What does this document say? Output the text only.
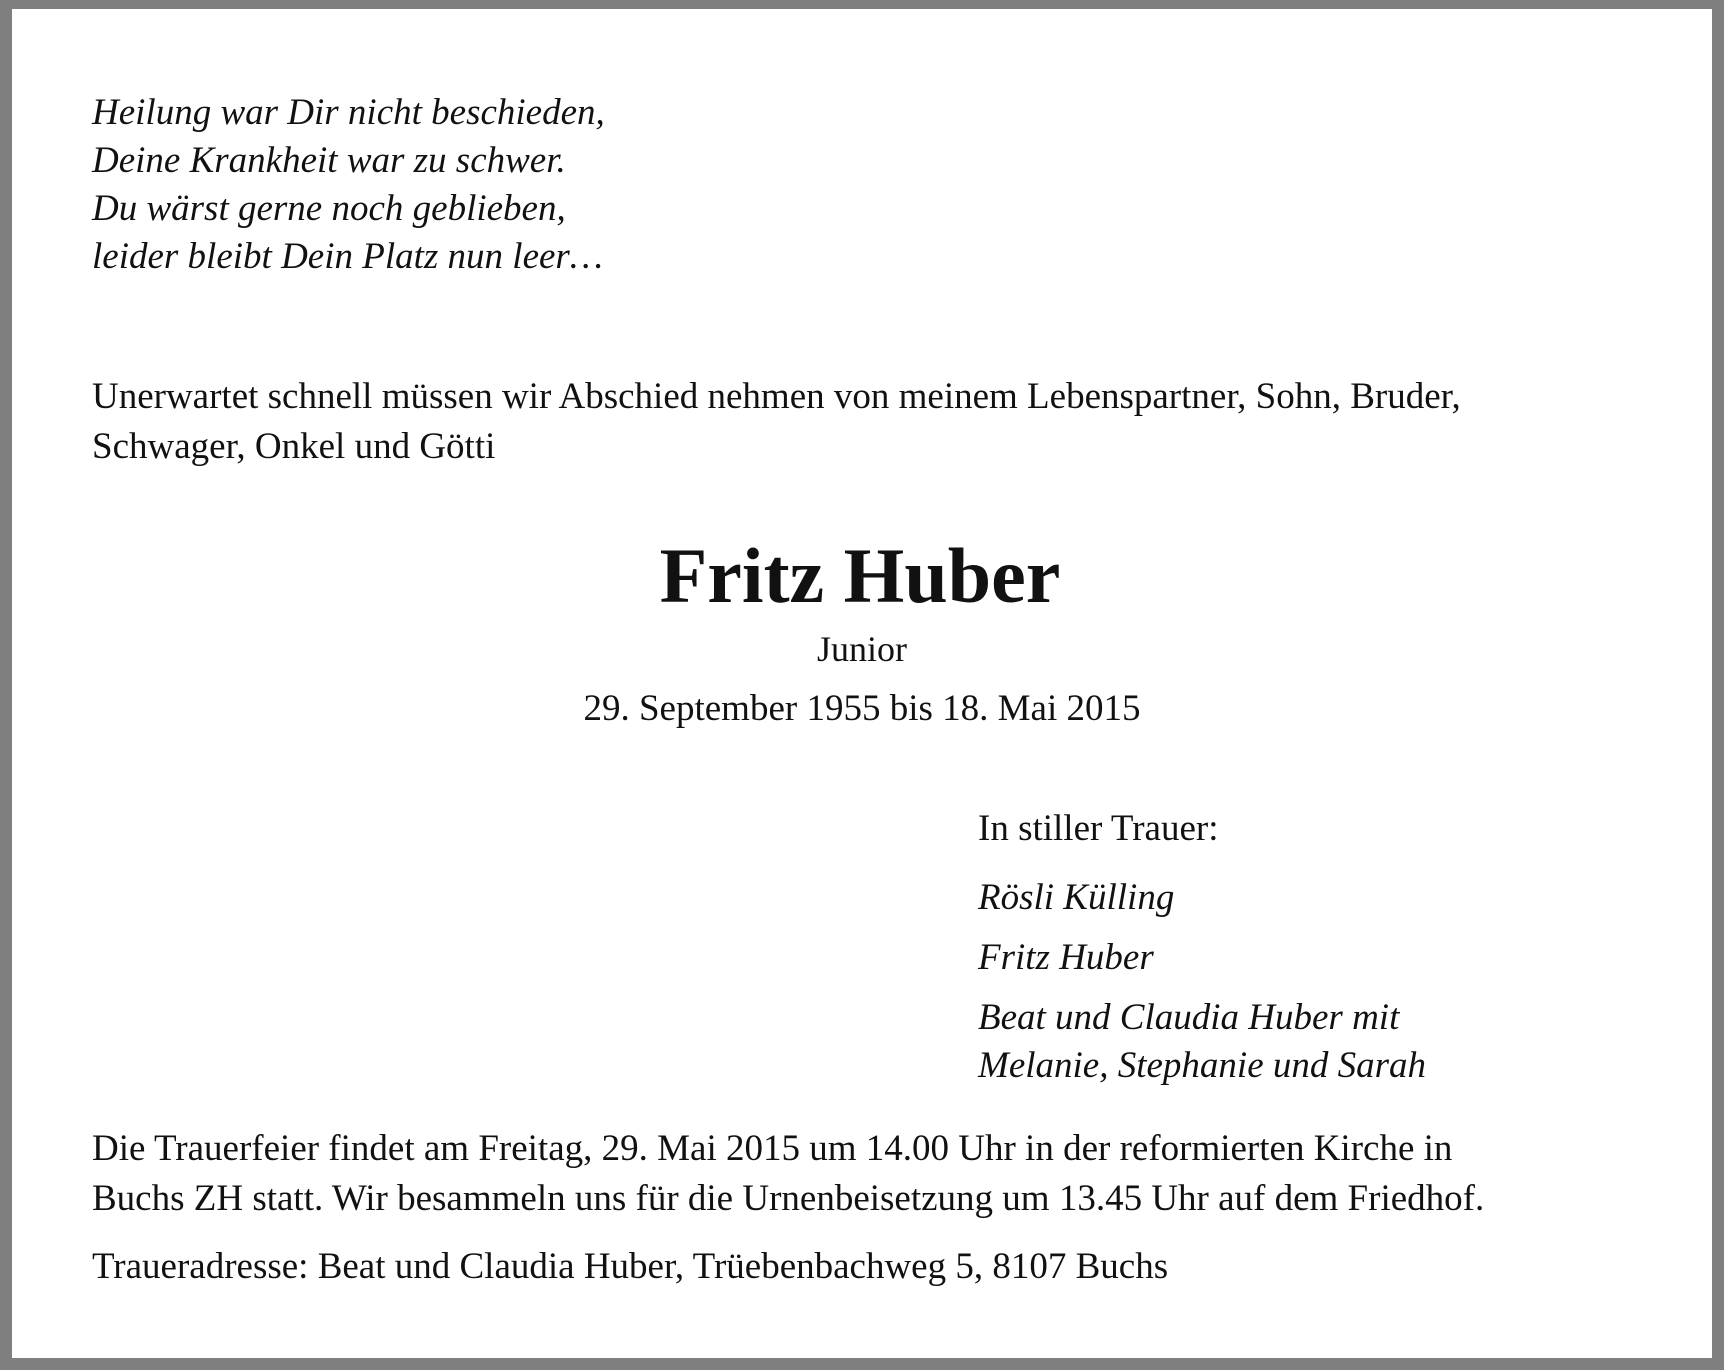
Heilung war Dir nicht beschieden,
Deine Krankheit war zu schwer.
Du wärst gerne noch geblieben,
leider bleibt Dein Platz nun leer…
Unerwartet schnell müssen wir Abschied nehmen von meinem Lebenspartner, Sohn, Bruder,
Schwager, Onkel und Götti
Fritz Huber
Junior
29. September 1955 bis 18. Mai 2015
In stiller Trauer:
Rösli Külling
Fritz Huber
Beat und Claudia Huber mit
Melanie, Stephanie und Sarah
Die Trauerfeier findet am Freitag, 29. Mai 2015 um 14.00 Uhr in der reformierten Kirche in
Buchs ZH statt. Wir besammeln uns für die Urnenbeisetzung um 13.45 Uhr auf dem Friedhof.
Traueradresse: Beat und Claudia Huber, Trüebenbachweg 5, 8107 Buchs
